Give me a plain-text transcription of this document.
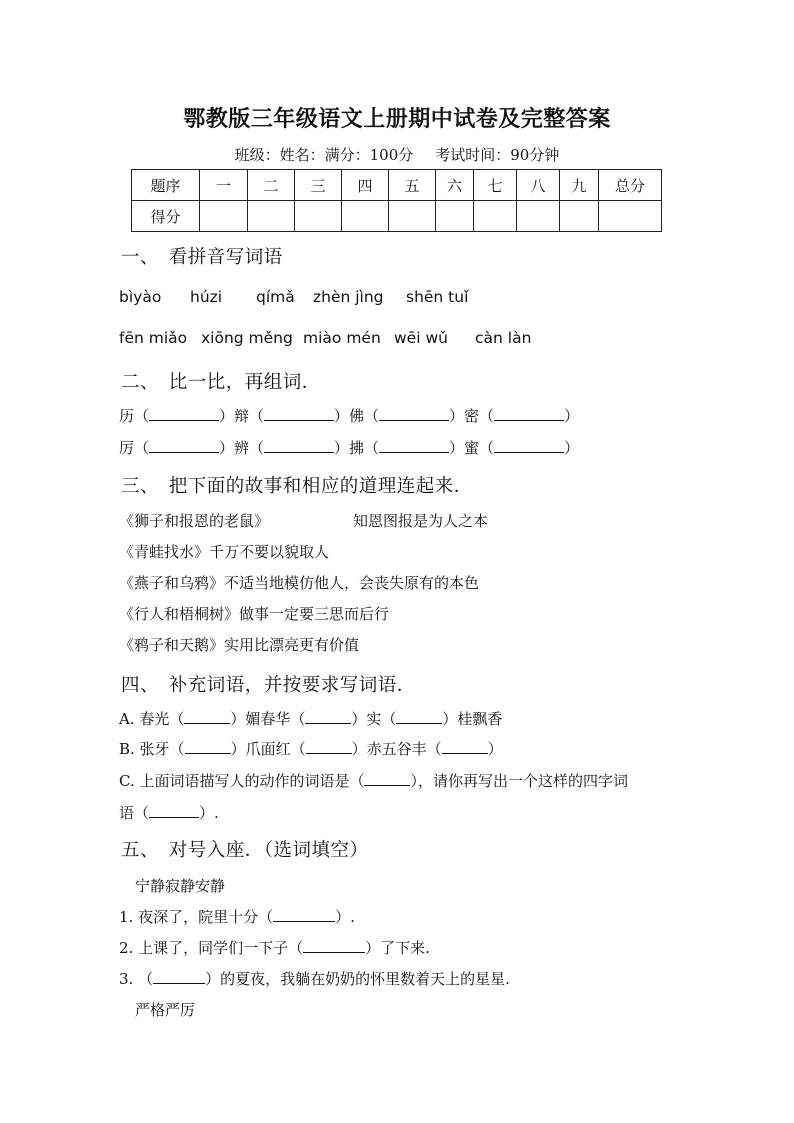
鄂教版三年级语文上册期中试卷及完整答案
班级：姓名：满分：100分 考试时间：90分钟
题序	一	二	三	四	五	六	七	八	九	总分
得分										
一、　看拼音写词语
bìyào húzi qímǎ zhèn jìng shēn tuǐ
fēn miǎo xiōng měng miào mén wēi wǔ càn làn
二、　比一比，再组词．
历（	）辩（	）佛（	）密（	）
厉（	）辨（	）拂（	）蜜（	）
三、　把下面的故事和相应的道理连起来．
《狮子和报恩的老鼠》	知恩图报是为人之本
《青蛙找水》千万不要以貌取人
《燕子和乌鸦》不适当地模仿他人，会丧失原有的本色
《行人和梧桐树》做事一定要三思而后行
《鸦子和天鹅》实用比漂亮更有价值
四、　补充词语，并按要求写词语．
A. 春光（	）媚春华（	）实（	）桂飘香
B. 张牙（	）爪面红（	）赤五谷丰（	）
C. 上面词语描写人的动作的词语是（	），请你再写出一个这样的四字词
语（	）.
五、　对号入座．（选词填空）
宁静寂静安静
1. 夜深了，院里十分（	）.
2. 上课了，同学们一下子（	）了下来.
3. （	）的夏夜，我躺在奶奶的怀里数着天上的星星.
严格严厉
